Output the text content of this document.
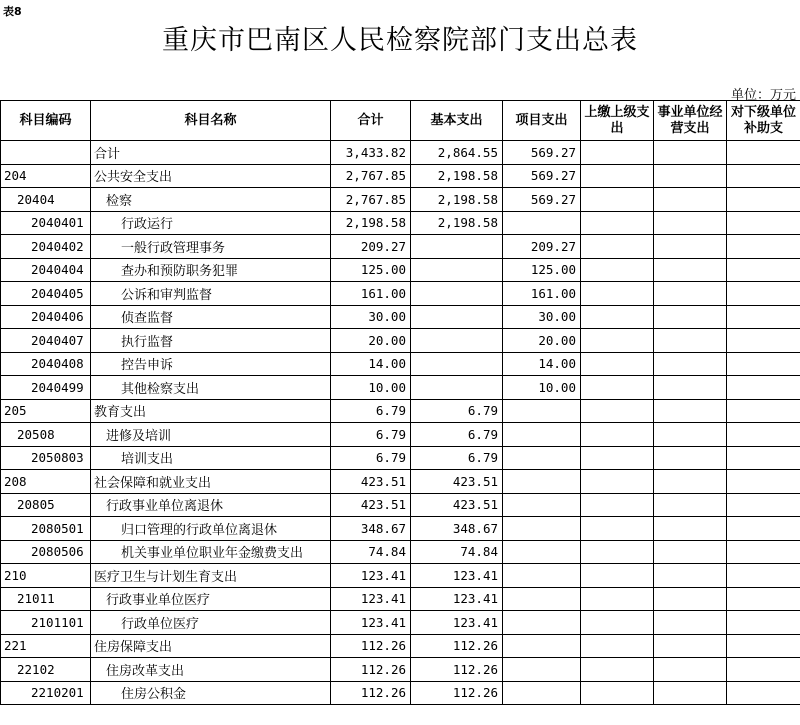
表8
重庆市巴南区人民检察院部门支出总表
单位：万元
科目编码	科目名称	合计	基本支出	项目支出	上缴上级支出	事业单位经营支出	对下级单位补助支
	合计	3,433.82	2,864.55	569.27			
204	公共安全支出	2,767.85	2,198.58	569.27			
20404	检察	2,767.85	2,198.58	569.27			
2040401	行政运行	2,198.58	2,198.58				
2040402	一般行政管理事务	209.27		209.27			
2040404	查办和预防职务犯罪	125.00		125.00			
2040405	公诉和审判监督	161.00		161.00			
2040406	侦查监督	30.00		30.00			
2040407	执行监督	20.00		20.00			
2040408	控告申诉	14.00		14.00			
2040499	其他检察支出	10.00		10.00			
205	教育支出	6.79	6.79				
20508	进修及培训	6.79	6.79				
2050803	培训支出	6.79	6.79				
208	社会保障和就业支出	423.51	423.51				
20805	行政事业单位离退休	423.51	423.51				
2080501	归口管理的行政单位离退休	348.67	348.67				
2080506	机关事业单位职业年金缴费支出	74.84	74.84				
210	医疗卫生与计划生育支出	123.41	123.41				
21011	行政事业单位医疗	123.41	123.41				
2101101	行政单位医疗	123.41	123.41				
221	住房保障支出	112.26	112.26				
22102	住房改革支出	112.26	112.26				
2210201	住房公积金	112.26	112.26				
